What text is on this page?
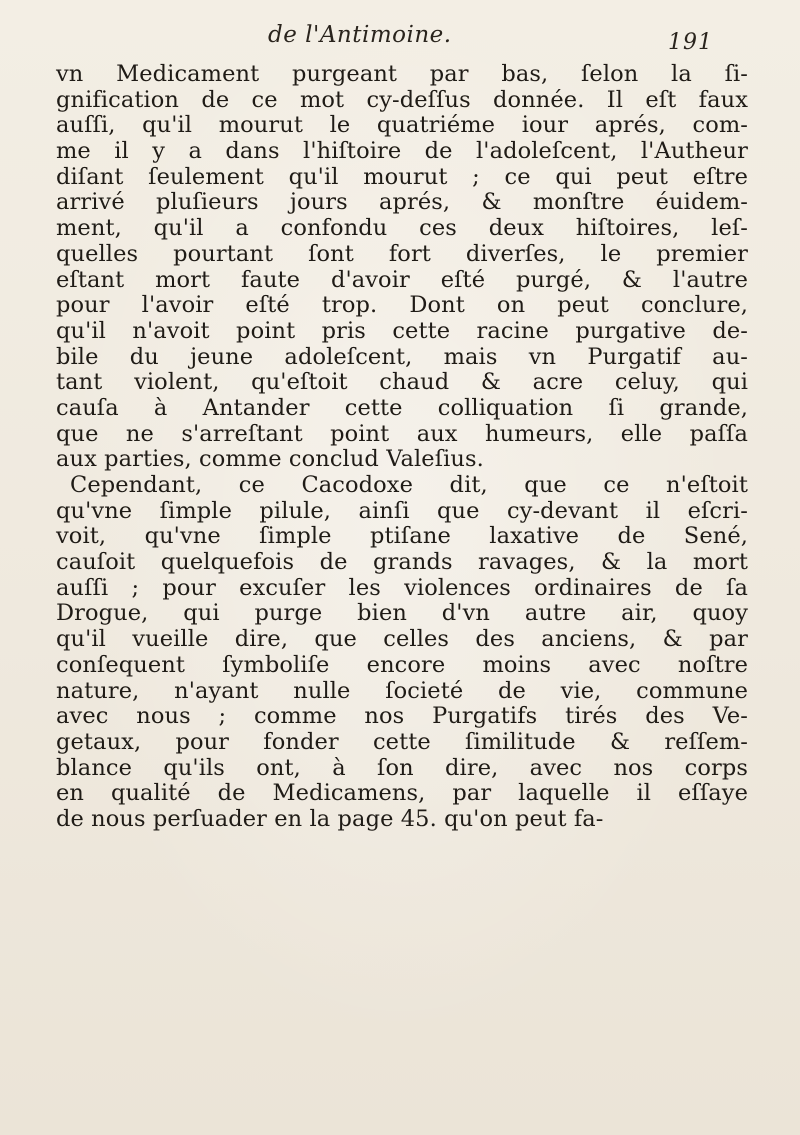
de l'Antimoine.	191
vn Medicament purgeant par bas, ſelon la ſi-
gnification de ce mot cy-deſſus donnée. Il eſt faux
auſſi, qu'il mourut le quatriéme iour aprés, com-
me il y a dans l'hiſtoire de l'adoleſcent, l'Autheur
diſant ſeulement qu'il mourut ; ce qui peut eſtre
arrivé pluſieurs jours aprés, & monſtre éuidem-
ment, qu'il a confondu ces deux hiſtoires, leſ-
quelles pourtant ſont fort diverſes, le premier
eſtant mort faute d'avoir eſté purgé, & l'autre
pour l'avoir eſté trop. Dont on peut conclure,
qu'il n'avoit point pris cette racine purgative de-
bile du jeune adoleſcent, mais vn Purgatif au-
tant violent, qu'eſtoit chaud & acre celuy, qui
cauſa à Antander cette colliquation ſi grande,
que ne s'arreſtant point aux humeurs, elle paſſa
aux parties, comme conclud Valeſius.
Cependant, ce Cacodoxe dit, que ce n'eſtoit
qu'vne ſimple pilule, ainſi que cy-devant il eſcri-
voit, qu'vne ſimple ptiſane laxative de Sené,
cauſoit quelquefois de grands ravages, & la mort
auſſi ; pour excuſer les violences ordinaires de ſa
Drogue, qui purge bien d'vn autre air, quoy
qu'il vueille dire, que celles des anciens, & par
conſequent ſymboliſe encore moins avec noſtre
nature, n'ayant nulle ſocieté de vie, commune
avec nous ; comme nos Purgatifs tirés des Ve-
getaux, pour fonder cette ſimilitude & reſſem-
blance qu'ils ont, à ſon dire, avec nos corps
en qualité de Medicamens, par laquelle il eſſaye
de nous perſuader en la page 45. qu'on peut fa-
